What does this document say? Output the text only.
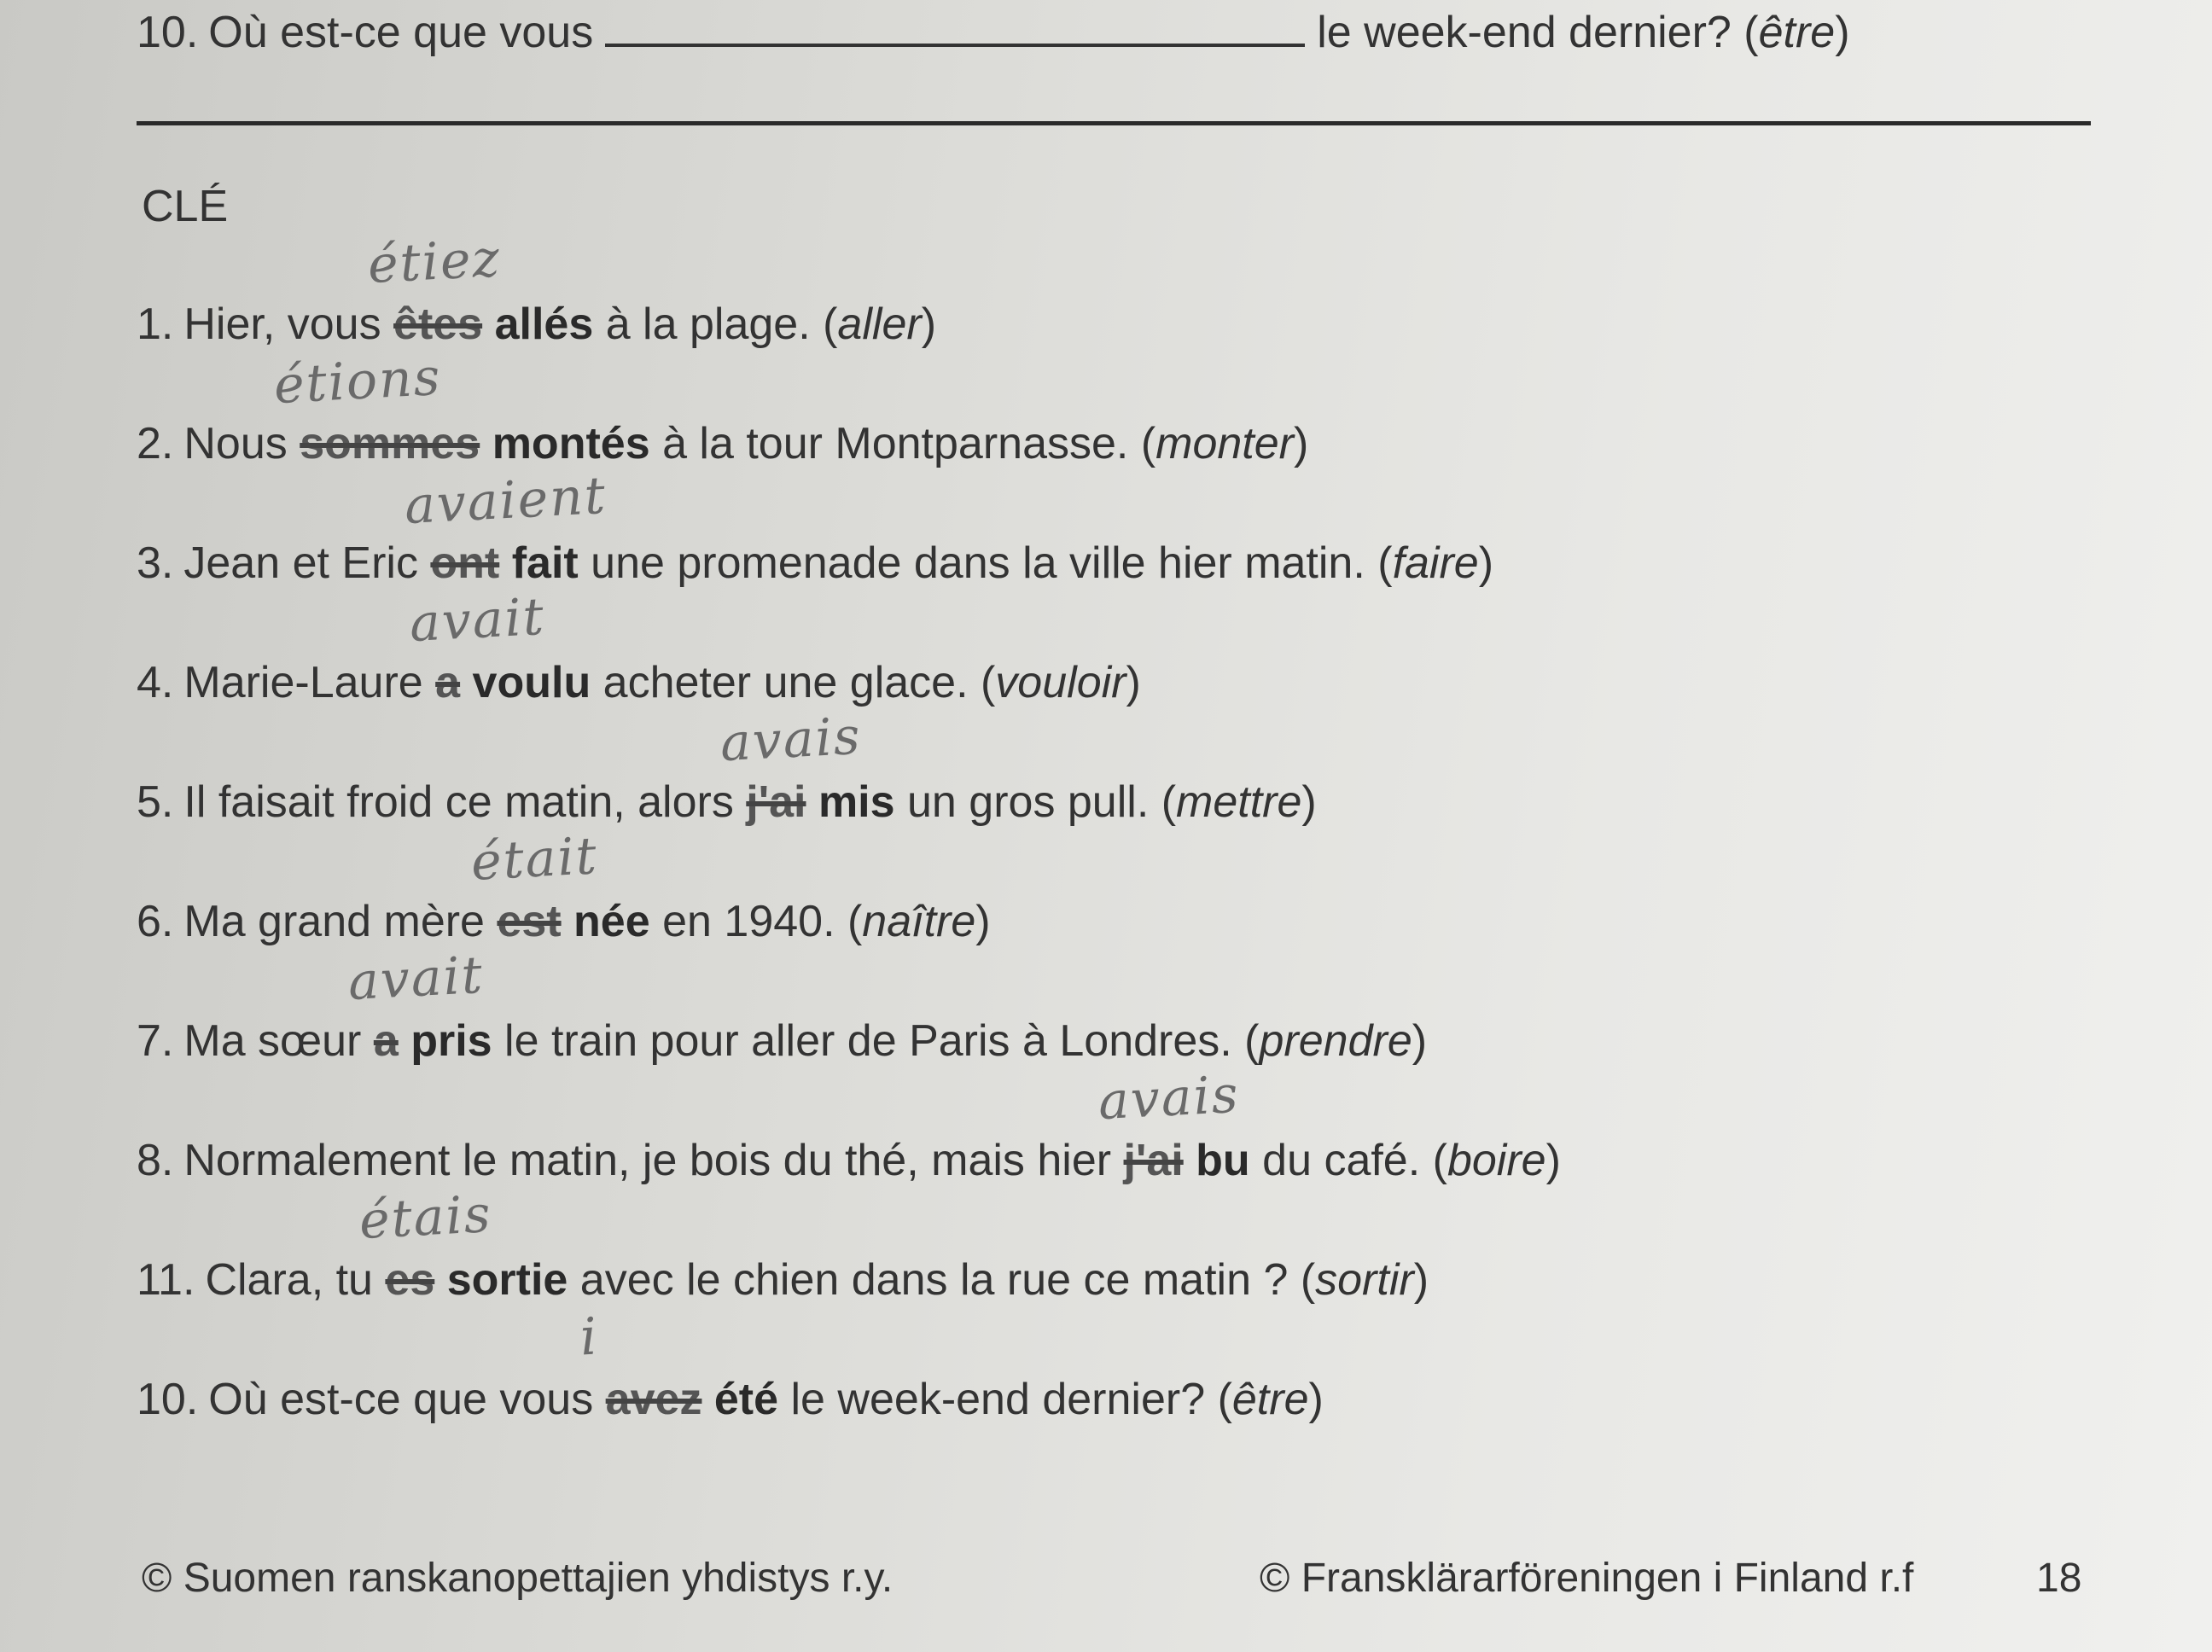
10. Où est-ce que vous	le week-end dernier? (être)
CLÉ
1. Hier, vous
étiez
êtes allés à la plage. (aller)
2. Nous
étions
sommes montés à la tour Montparnasse. (monter)
3. Jean et Eric
avaient
ont fait une promenade dans la ville hier matin. (faire)
4. Marie-Laure
avait
a voulu acheter une glace. (vouloir)
5. Il faisait froid ce matin, alors
avais
j'ai mis un gros pull. (mettre)
6. Ma grand mère
était
est née en 1940. (naître)
7. Ma sœur
avait
a pris le train pour aller de Paris à Londres. (prendre)
8. Normalement le matin, je bois du thé, mais hier
avais
j'ai bu du café. (boire)
11. Clara, tu
étais
es sortie avec le chien dans la rue ce matin ? (sortir)
10. Où est-ce que vous
i
avez été le week-end dernier? (être)
© Suomen ranskanopettajien yhdistys r.y.	© Fransklärarföreningen i Finland r.f	18
